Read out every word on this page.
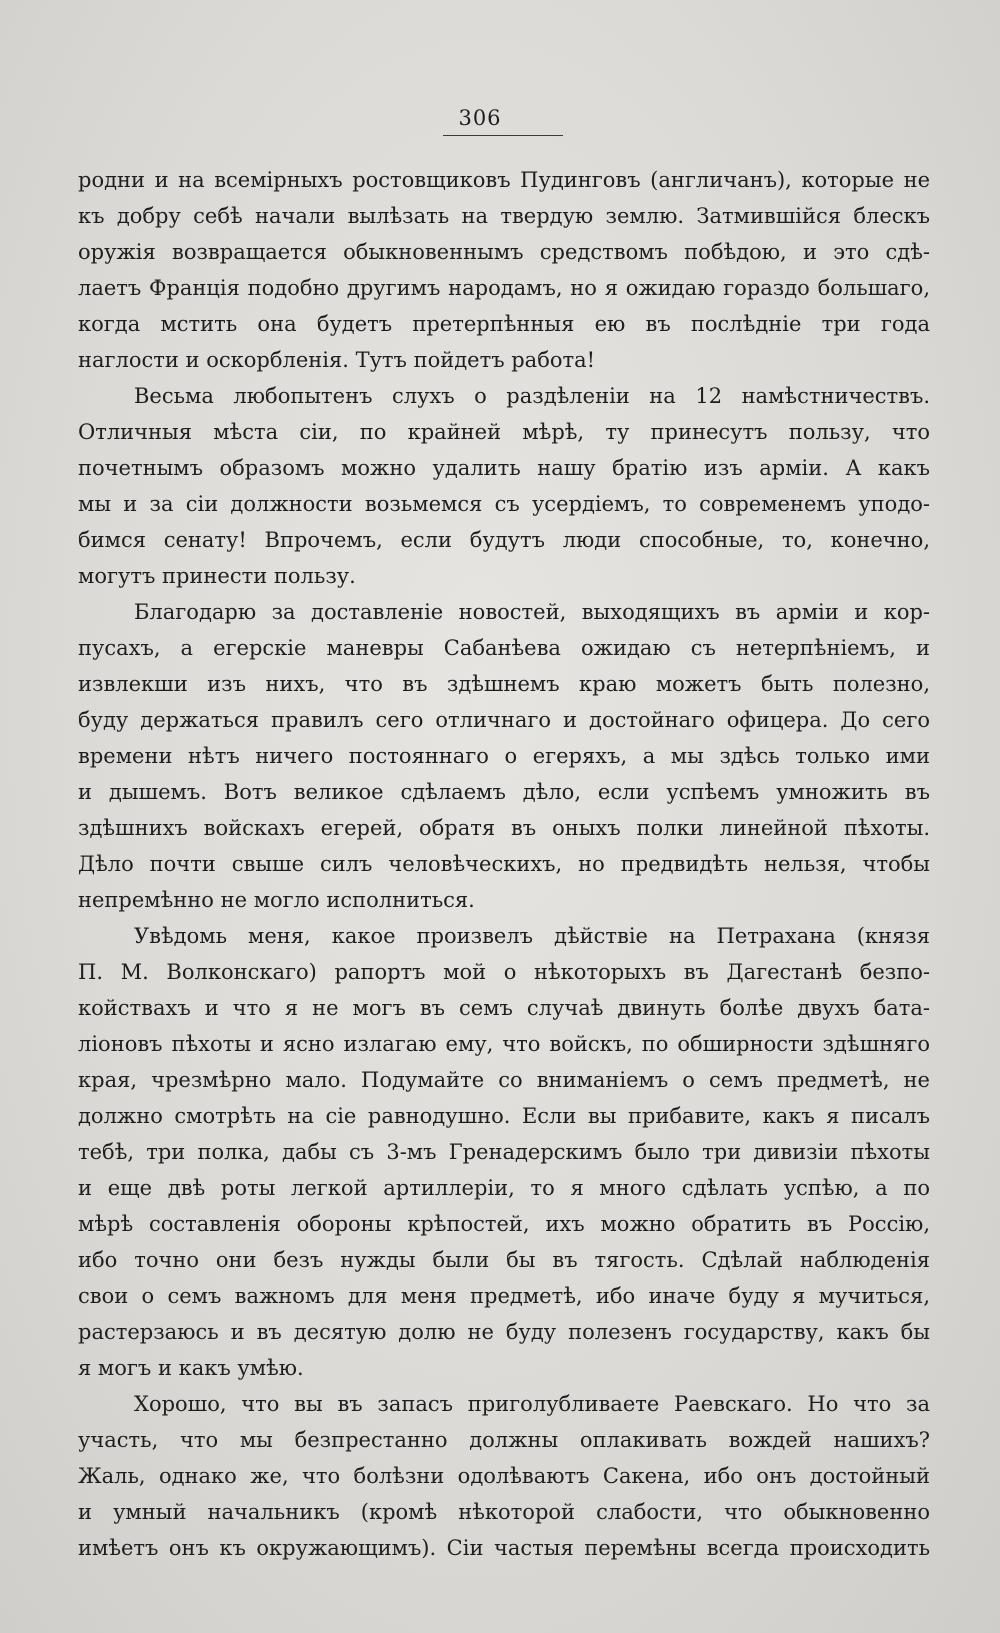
306
родни и на всемірныхъ ростовщиковъ Пудинговъ (англичанъ), которые не
къ добру себѣ начали вылѣзать на твердую землю. Затмившійся блескъ
оружія возвращается обыкновеннымъ средствомъ побѣдою, и это сдѣ-
лаетъ Францiя подобно другимъ народамъ, но я ожидаю гораздо большаго,
когда мстить она будетъ претерпѣнныя ею въ послѣдніе три года
наглости и оскорбленія. Тутъ пойдетъ работа!
Весьма любопытенъ слухъ о раздѣленіи на 12 намѣстничествъ.
Отличныя мѣста сіи, по крайней мѣрѣ, ту принесутъ пользу, что
почетнымъ образомъ можно удалить нашу братію изъ арміи. А какъ
мы и за сіи должности возьмемся съ усердіемъ, то современемъ уподо-
бимся сенату! Впрочемъ, если будутъ люди способные, то, конечно,
могутъ принести пользу.
Благодарю за доставленіе новостей, выходящихъ въ арміи и кор-
пусахъ, а егерскіе маневры Сабанѣева ожидаю съ нетерпѣніемъ, и
извлекши изъ нихъ, что въ здѣшнемъ краю можетъ быть полезно,
буду держаться правилъ сего отличнаго и достойнаго офицера. До сего
времени нѣтъ ничего постояннаго о егеряхъ, а мы здѣсь только ими
и дышемъ. Вотъ великое сдѣлаемъ дѣло, если успѣемъ умножить въ
здѣшнихъ войскахъ егерей, обратя въ оныхъ полки линейной пѣхоты.
Дѣло почти свыше силъ человѣческихъ, но предвидѣть нельзя, чтобы
непремѣнно не могло исполниться.
Увѣдомь меня, какое произвелъ дѣйствіе на Петрахана (князя
П. М. Волконскаго) рапортъ мой о нѣкоторыхъ въ Дагестанѣ безпо-
койствахъ и что я не могъ въ семъ случаѣ двинуть болѣе двухъ бата-
ліоновъ пѣхоты и ясно излагаю ему, что войскъ, по обширности здѣшняго
края, чрезмѣрно мало. Подумайте со вниманіемъ о семъ предметѣ, не
должно смотрѣть на сіе равнодушно. Если вы прибавите, какъ я писалъ
тебѣ, три полка, дабы съ 3-мъ Гренадерскимъ было три дивизіи пѣхоты
и еще двѣ роты легкой артиллеріи, то я много сдѣлать успѣю, а по
мѣрѣ составленія обороны крѣпостей, ихъ можно обратить въ Россію,
ибо точно они безъ нужды были бы въ тягость. Сдѣлай наблюденія
свои о семъ важномъ для меня предметѣ, ибо иначе буду я мучиться,
растерзаюсь и въ десятую долю не буду полезенъ государству, какъ бы
я могъ и какъ умѣю.
Хорошо, что вы въ запасъ приголубливаете Раевскаго. Но что за
участь, что мы безпрестанно должны оплакивать вождей нашихъ?
Жаль, однако же, что болѣзни одолѣваютъ Сакена, ибо онъ достойный
и умный начальникъ (кромѣ нѣкоторой слабости, что обыкновенно
имѣетъ онъ къ окружающимъ). Сіи частыя перемѣны всегда происходить
